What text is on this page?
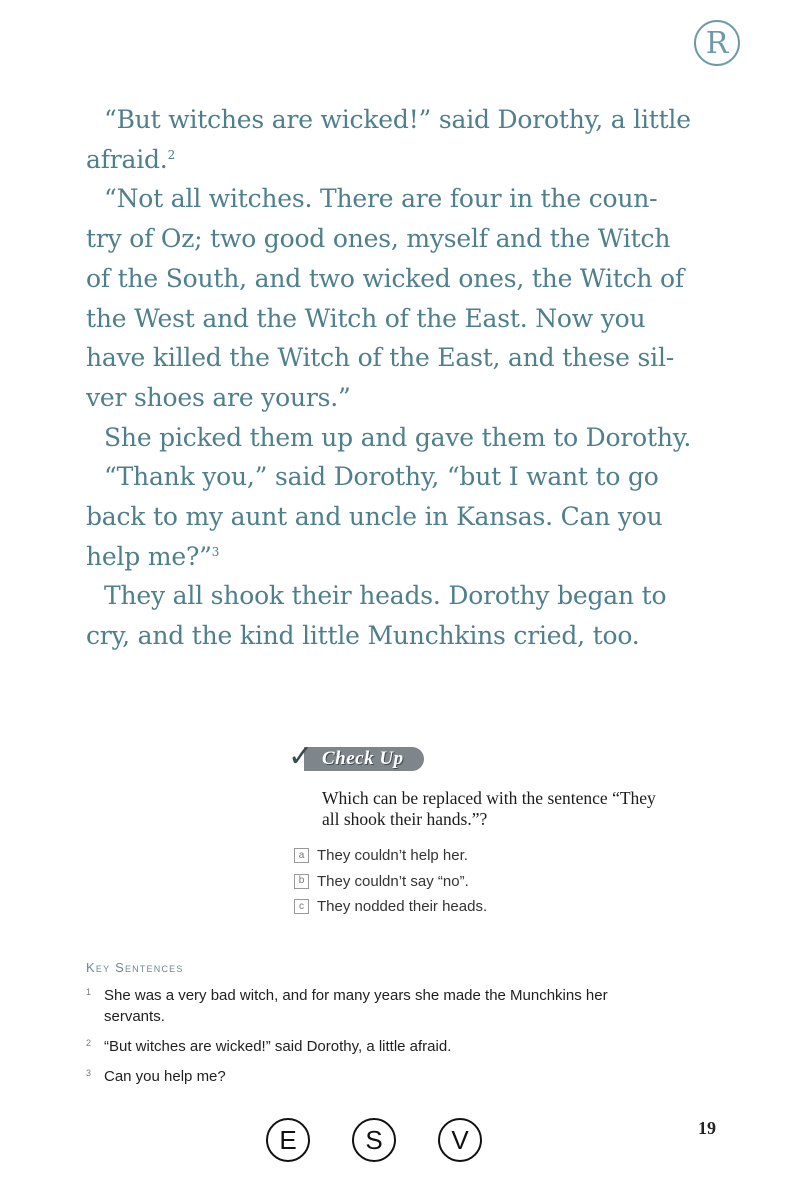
R
“But witches are wicked!” said Dorothy, a little
afraid.$^2$
“Not all witches. There are four in the coun-
try of Oz; two good ones, myself and the Witch
of the South, and two wicked ones, the Witch of
the West and the Witch of the East. Now you
have killed the Witch of the East, and these sil-
ver shoes are yours.”
She picked them up and gave them to Dorothy.
“Thank you,” said Dorothy, “but I want to go
back to my aunt and uncle in Kansas. Can you
help me?”$^3$
They all shook their heads. Dorothy began to
cry, and the kind little Munchkins cried, too.
✓ Check Up
Which can be replaced with the sentence “They all shook their hands.”?
a They couldn’t help her.
b They couldn’t say “no”.
c They nodded their heads.
Key Sentences
1 She was a very bad witch, and for many years she made the Munchkins her servants.
2 “But witches are wicked!” said Dorothy, a little afraid.
3 Can you help me?
E	S	V	19
